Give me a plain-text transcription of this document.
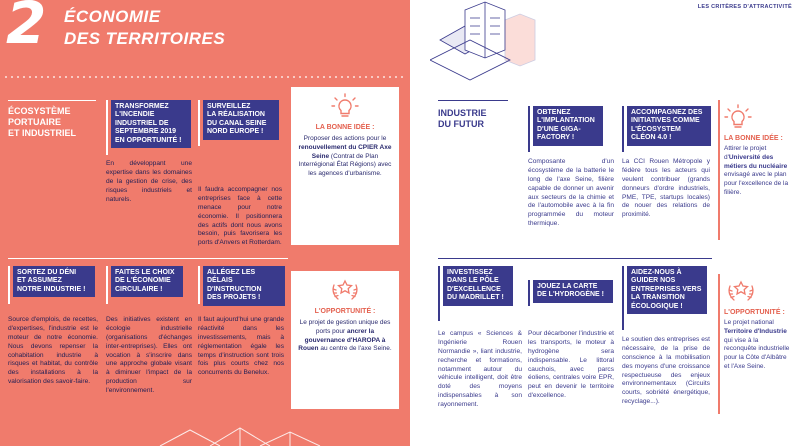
2 ÉCONOMIE
DES TERRITOIRES
ÉCOSYSTÈME
PORTUAIRE
ET INDUSTRIEL
TRANSFORMEZ
L'INCENDIE
INDUSTRIEL DE
SEPTEMBRE 2019
EN OPPORTUNITÉ !
En développant une expertise dans les domaines de la gestion de crise, des risques industriels et naturels.
SURVEILLEZ
LA RÉALISATION
DU CANAL SEINE
NORD EUROPE !
Il faudra accompagner nos entreprises face à cette menace pour notre économie. Il positionnera des actifs dont nous avons besoin, puis favorisera les ports d'Anvers et Rotterdam.
LA BONNE IDÉE :
Proposer des actions pour le renouvellement du CPIER Axe Seine (Contrat de Plan Interrégional État Régions) avec les agences d'urbanisme.
SORTEZ DU DÉNI
ET ASSUMEZ
NOTRE INDUSTRIE !
Source d'emplois, de recettes, d'expertises, l'industrie est le moteur de notre économie. Nous devons repenser la cohabitation industrie à risques et habitat, du contrôle des installations à la valorisation des savoir-faire.
FAITES LE CHOIX
DE L'ÉCONOMIE
CIRCULAIRE !
Des initiatives existent en écologie industrielle (organisations d'échanges inter-entreprises). Elles ont vocation à s'inscrire dans une approche globale visant à diminuer l'impact de la production sur l'environnement.
ALLÉGEZ LES DÉLAIS
D'INSTRUCTION
DES PROJETS !
Il faut aujourd'hui une grande réactivité dans les investissements, mais à réglementation égale les temps d'instruction sont trois fois plus courts chez nos concurrents du Benelux.
L'OPPORTUNITÉ :
Le projet de gestion unique des ports pour ancrer la gouvernance d'HAROPA à Rouen au centre de l'axe Seine.
LES CRITÈRES D'ATTRACTIVITÉ
INDUSTRIE
DU FUTUR
OBTENEZ
L'IMPLANTATION
D'UNE GIGA-
FACTORY !
Composante d'un écosystème de la batterie le long de l'axe Seine, filière capable de donner un avenir aux secteurs de la chimie et de l'automobile avec à la fin programmée du moteur thermique.
ACCOMPAGNEZ DES
INITIATIVES COMME
L'ÉCOSYSTEM
CLÉON 4.0 !
La CCI Rouen Métropole y fédère tous les acteurs qui veulent contribuer (grands donneurs d'ordre industriels, PME, TPE, startups locales) de nouer des relations de proximité.
LA BONNE IDÉE :
Attirer le projet d'Université des métiers du nucléaire envisagé avec le plan pour l'excellence de la filière.
INVESTISSEZ
DANS LE PÔLE
D'EXCELLENCE
DU MADRILLET !
Le campus « Sciences & Ingénierie Rouen Normandie », liant industrie, recherche et formations, notamment autour du véhicule intelligent, doit être doté des moyens indispensables à son rayonnement.
JOUEZ LA CARTE
DE L'HYDROGÈNE !
Pour décarboner l'industrie et les transports, le moteur à hydrogène sera indispensable. Le littoral cauchois, avec parcs éoliens, centrales voire EPR, peut en devenir le territoire d'excellence.
AIDEZ-NOUS À
GUIDER NOS
ENTREPRISES VERS
LA TRANSITION
ÉCOLOGIQUE !
Le soutien des entreprises est nécessaire, de la prise de conscience à la mobilisation des moyens d'une croissance respectueuse des enjeux environnementaux (Circuits courts, sobriété énergétique, recyclage...).
L'OPPORTUNITÉ :
Le projet national Territoire d'Industrie qui vise à la reconquête industrielle pour la Côte d'Albâtre et l'Axe Seine.
